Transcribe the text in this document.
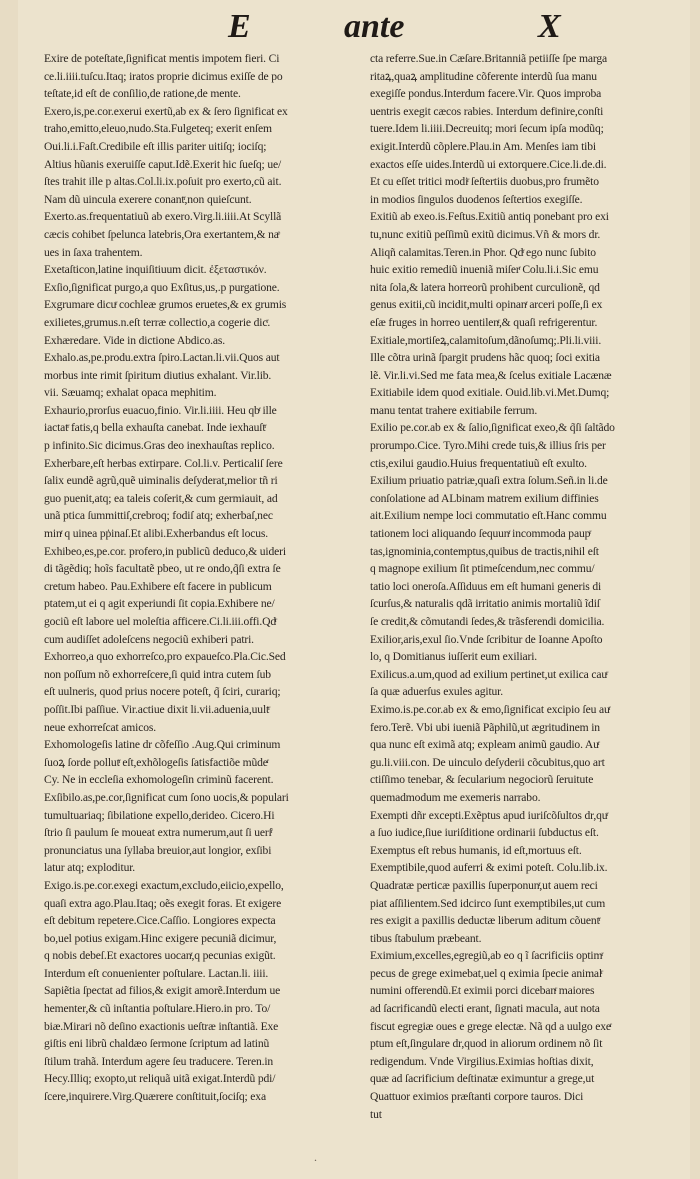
E	ante	X
Exire de poteſtate,ſignificat mentis impotem fieri. Ci
ce.li.iiii.tuſcu.Itaq; iratos proprie dicimus exiſſe de po
teſtate,id eſt de conſilio,de ratione,de mente.
Exero,is,pe.cor.exerui exertũ,ab ex & ſero ſignificat ex
traho,emitto,eleuo,nudo.Sta.Fulgeteq; exerit enſem
Oui.li.i.Faſt.Credibile eſt illis pariter uitiſq; iociſq;
Altius hũanis exeruiſſe caput.Idẽ.Exerit hic ſueſq; ue/
ſtes trahit ille p altas.Col.li.ix.poſuit pro exerto,cũ ait.
Nam dũ uincula exerere conantͬ,non quieſcunt.
Exerto.as.frequentatiuũ ab exero.Virg.li.iiii.At Scyllã
cæcis cohibet ſpelunca latebris,Ora exertantem,& naͤ
ues in ſaxa trahentem.
Exetaſticon,latine inquiſitiuum dicit. ἐξεταστικόν.
Exſio,ſignificat purgo,a quo Exſitus,us,.p purgatione.
Exgrumare dicuͬ cochleæ grumos eruetes,& ex grumis
exilietes,grumus.n.eſt terræ collectio,a cogerie dicͬ.
Exhæredare. Vide in dictione Abdico.as.
Exhalo.as,pe.produ.extra ſpiro.Lactan.li.vii.Quos aut
morbus inte rimit ſpiritum diutius exhalant. Vir.lib.
vii. Sæuamq; exhalat opaca mephitim.
Exhaurio,prorſus euacuo,finio. Vir.li.iiii. Heu qbͬ ille
iactatͬ fatis,q bella exhauſta canebat. Inde iexhauſtͬ
p infinito.Sic dicimus.Gras deo inexhauſtas replico.
Exherbare,eſt herbas extirpare. Col.li.v. Perticaliſ ſere
ſalix eundẽ agrũ,quẽ uiminalis deſyderat,melior tñ ri
guo puenit,atq; ea taleis coſerit,& cum germiauit, ad
unã ptica ſummittiſ,crebroq; fodiſ atq; exherbaſ,nec
minͬ q uinea pṗinaſ.Et alibi.Exherbandus eſt locus.
Exhibeo,es,pe.cor. profero,in publicũ deduco,& uideri
di tãgẽdiq; hoĩs facultatẽ pbeo, ut re ondo,q̃ſi extra ſe
cretum habeo. Pau.Exhibere eſt facere in publicum
ptatem,ut ei q agit experiundi ſit copia.Exhibere ne/
gociũ eſt labore uel moleſtia afficere.Ci.li.iii.offi.Qdͬ
cum audiſſet adoleſcens negociũ exhiberi patri.
Exhorreo,a quo exhorreſco,pro expaueſco.Pla.Cic.Sed
non poſſum nõ exhorreſcere,ſi quid intra cutem ſub
eſt uulneris, quod prius nocere poteſt, q̃ ſciri, curariq;
poſſit.Ibi paſſiue. Vir.actiue dixit li.vii.aduenia,uultͬ
neue exhorreſcat amicos.
Exhomologeſis latine dr cõfeſſio .Aug.Qui criminum
ſuoꝝ ſorde pollutͬ eſt,exhõlogeſis ſatisfactiõe mũdeͬ
Cy. Ne in eccleſia exhomologeſin criminũ facerent.
Exſibilo.as,pe.cor,ſignificat cum ſono uocis,& populari
tumultuariaq; ſibilatione expello,derideo. Cicero.Hi
ſtrio ſi paulum ſe moueat extra numerum,aut ſi uerſͬ
pronunciatus una ſyllaba breuior,aut longior, exſibi
latur atq; exploditur.
Exigo.is.pe.cor.exegi exactum,excludo,eiicio,expello,
quaſi extra ago.Plau.Itaq; oẽs exegit foras. Et exigere
eſt debitum repetere.Cice.Caſſio. Longiores expecta
bo,uel potius exigam.Hinc exigere pecuniã dicimur,
q nobis debeſ.Et exactores uocanͬ,q pecunias exigũt.
Interdum eſt conuenienter poſtulare. Lactan.li. iiii.
Sapiẽtia ſpectat ad filios,& exigit amorẽ.Interdum ue
hementer,& cũ inſtantia poſtulare.Hiero.in pro. To/
biæ.Mirari nõ deſino exactionis ueſtræ inſtantiã. Exe
giſtis eni librũ chaldæo ſermone ſcriptum ad latinũ
ſtilum trahã. Interdum agere ſeu traducere. Teren.in
Hecy.Illiq; exopto,ut reliquã uitã exigat.Interdũ pdi/
ſcere,inquirere.Virg.Quærere conſtituit,ſociſq; exa
cta referre.Sue.in Cæſare.Britanniã petiiſſe ſpe marga
ritaꝝ,quaꝝ amplitudine cõferente interdũ ſua manu
exegiſſe pondus.Interdum facere.Vir. Quos improba
uentris exegit cæcos rabies. Interdum definire,conſti
tuere.Idem li.iiii.Decreuitq; mori ſecum ipſa modũq;
exigit.Interdũ cõplere.Plau.in Am. Menſes iam tibi
exactos eſſe uides.Interdũ ui extorquere.Cice.li.de.di.
Et cu eſſet tritici modiͬ ſeſtertiis duobus,pro frumẽto
in modios ſingulos duodenos ſeſtertios exegiſſe.
Exitiũ ab exeo.is.Feſtus.Exitiũ antiq ponebant pro exi
tu,nunc exitiũ peſſimũ exitũ dicimus.Vñ & mors dr.
Aliqñ calamitas.Teren.in Phor. Qdͬ ego nunc ſubito
huic exitio remediũ inueniã miſerͬ Colu.li.i.Sic emu
nita ſola,& latera horreorũ prohibent curculionẽ, qd
genus exitii,cũ incidit,multi opinanͬ arceri poſſe,ſi ex
eſæ fruges in horreo uentilenͬ,& quaſi refrigerentur.
Exitiale,mortiſeꝝ,calamitoſum,dãnoſumq;.Pli.li.viii.
Ille cõtra urinã ſpargit prudens hãc quoq; ſoci exitia
lẽ. Vir.li.vi.Sed me fata mea,& ſcelus exitiale Lacænæ
Exitiabile idem quod exitiale. Ouid.lib.vi.Met.Dumq;
manu tentat trahere exitiabile ferrum.
Exilio pe.cor.ab ex & ſalio,ſignificat exeo,& q̃ſi ſaltãdo
prorumpo.Cice. Tyro.Mihi crede tuis,& illius ſris per
ctis,exilui gaudio.Huius frequentatiuũ eſt exulto.
Exilium priuatio patriæ,quaſi extra ſolum.Señ.in li.de
conſolatione ad ALbinam matrem exilium diffinies
ait.Exilium nempe loci commutatio eſt.Hanc commu
tationem loci aliquando ſequunͬ incommoda paupͬ
tas,ignominia,contemptus,quibus de tractis,nihil eſt
q magnope exilium ſit ptimeſcendum,nec commu/
tatio loci oneroſa.Aſſiduus em eſt humani generis di
ſcurſus,& naturalis qdã irritatio animis mortaliũ ĩdiſ
ſe credit,& cõmutandi ſedes,& trãsferendi domicilia.
Exilior,aris,exul ſio.Vnde ſcribitur de Ioanne Apoſto
lo, q Domitianus iuſſerit eum exiliari.
Exilicus.a.um,quod ad exilium pertinet,ut exilica cauͬ
ſa quæ aduerſus exules agitur.
Eximo.is.pe.cor.ab ex & emo,ſignificat excipio ſeu auͬ
fero.Terẽ. Vbi ubi iueniã Pãphilũ,ut ægritudinem in
qua nunc eſt eximã atq; expleam animũ gaudio. Auͬ
gu.li.viii.con. De uinculo deſyderii cõcubitus,quo art
ctiſſimo tenebar, & ſecularium negociorũ ſeruitute
quemadmodum me exemeris narrabo.
Exempti dñr excepti.Exẽptus apud iuriſcõſultos dr,quͬ
a ſuo iudice,ſiue iuriſditione ordinarii ſubductus eſt.
Exemptus eſt rebus humanis, id eſt,mortuus eſt.
Exemptibile,quod auferri & eximi poteſt. Colu.lib.ix.
Quadratæ perticæ paxillis ſuperponunͬ,ut auem reci
piat aſſilientem.Sed idcirco ſunt exemptibiles,ut cum
res exigit a paxillis deductæ liberum aditum cõuentͬ
tibus ſtabulum præbeant.
Eximium,excelles,egregiũ,ab eo q ĩ ſacrificiis optimͬ
pecus de grege eximebat,uel q eximia ſpecie animalͬ
numini offerendũ.Et eximii porci dicebanͬ maiores
ad ſacrificandũ electi erant, ſignati macula, aut nota
fiscut egregiæ oues e grege electæ. Nã qd a uulgo exeͬ
ptum eſt,ſingulare dr,quod in aliorum ordinem nõ ſit
redigendum. Vnde Virgilius.Eximias hoſtias dixit,
quæ ad ſacrificium deſtinatæ eximuntur a grege,ut
Quattuor eximios præſtanti corpore tauros. Dici
tut
.
